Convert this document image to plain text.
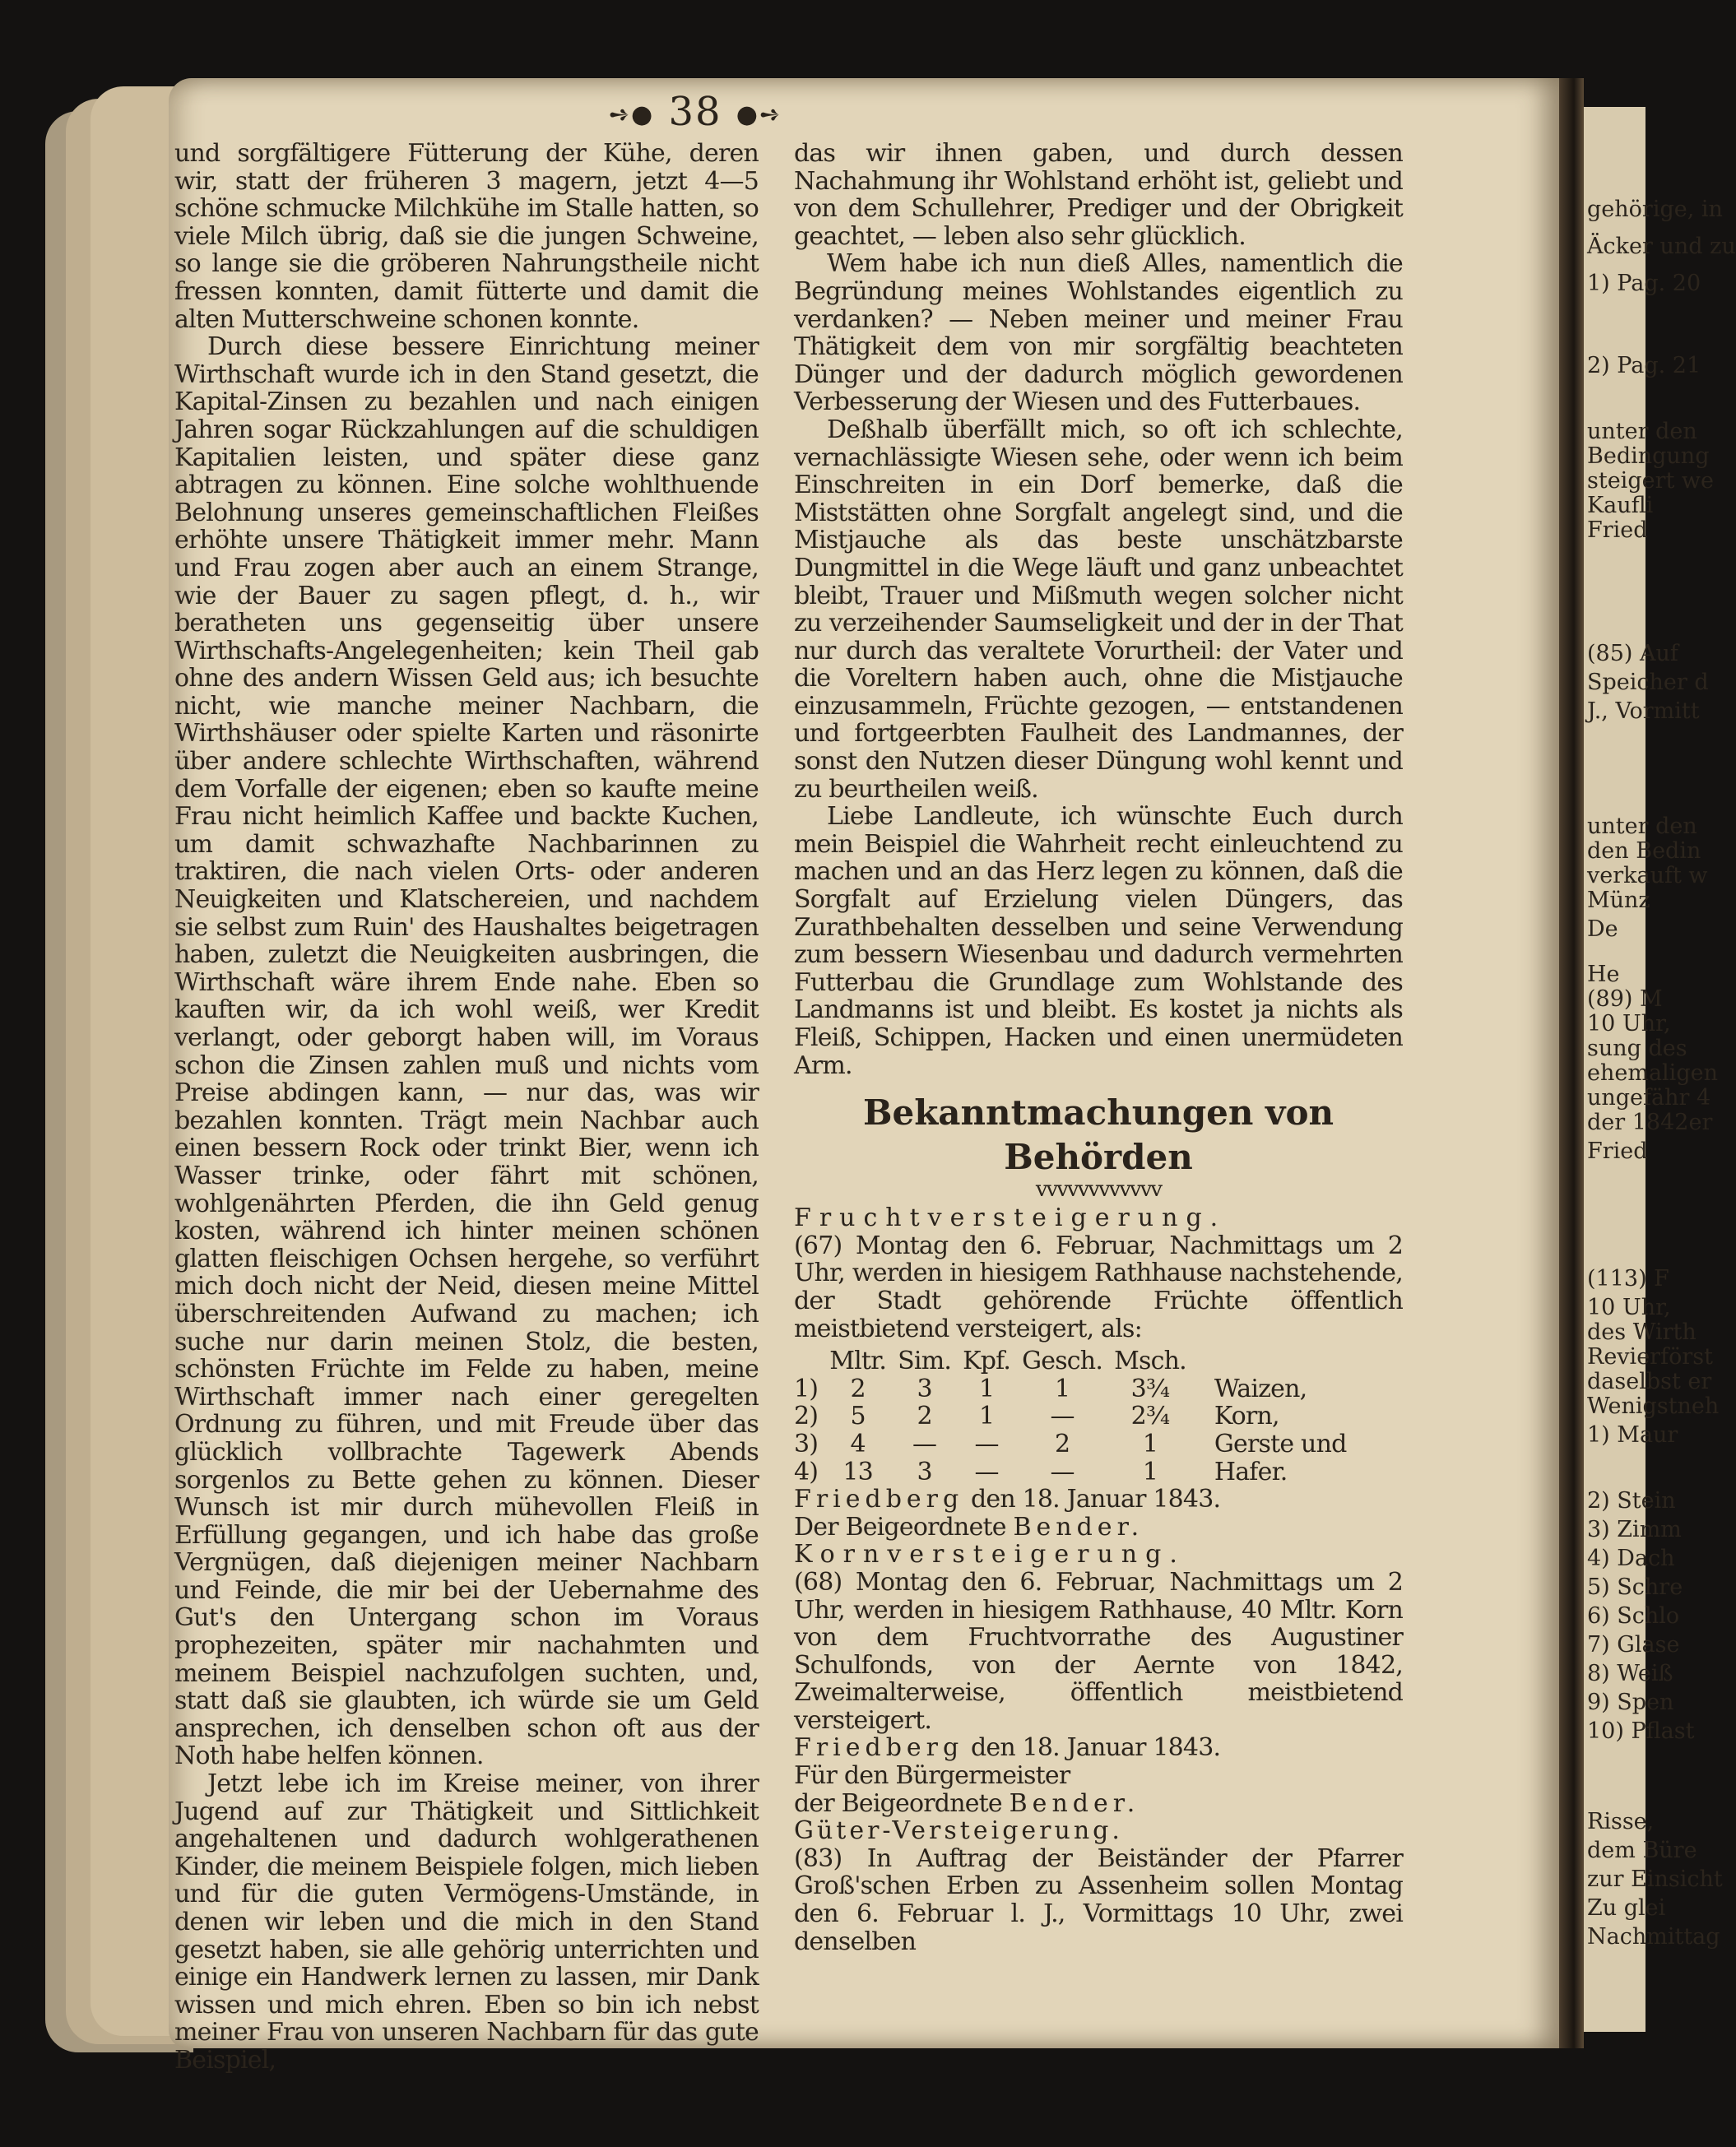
gehörige, in
Äcker und zu
1) Pag. 20
2) Pag. 21
unter den
Bedingung
steigert we
Kaufli
Fried
(85) Auf
Speicher d
J., Vormitt
unter den
den Bedin
verkauft w
Münz
De
He
(89) M
10 Uhr,
sung des
ehemaligen
ungefähr 4
der 1842er
Fried
(113) F
10 Uhr,
des Wirth
Revierförst
daselbst er
Wenigstneh
1) Maur
2) Stein
3) Zimm
4) Dach
5) Schre
6) Schlo
7) Glase
8) Weiß
9) Spen
10) Pflast
Risse,
dem Büre
zur Einsicht
Zu glei
Nachmittag
➺● 38 ●➺

und sorgfältigere Fütterung der Kühe, deren wir, statt der früheren 3 magern, jetzt 4—5 schöne schmucke Milchkühe im Stalle hatten, so viele Milch übrig, daß sie die jungen Schweine, so lange sie die gröberen Nahrungstheile nicht fressen konnten, damit fütterte und damit die alten Mutterschweine schonen konnte.

Durch diese bessere Einrichtung meiner Wirthschaft wurde ich in den Stand gesetzt, die Kapital-Zinsen zu bezahlen und nach einigen Jahren sogar Rückzahlungen auf die schuldigen Kapitalien leisten, und später diese ganz abtragen zu können. Eine solche wohlthuende Belohnung unseres gemeinschaftlichen Fleißes erhöhte unsere Thätigkeit immer mehr. Mann und Frau zogen aber auch an einem Strange, wie der Bauer zu sagen pflegt, d. h., wir beratheten uns gegenseitig über unsere Wirthschafts-Angelegenheiten; kein Theil gab ohne des andern Wissen Geld aus; ich besuchte nicht, wie manche meiner Nachbarn, die Wirthshäuser oder spielte Karten und räsonirte über andere schlechte Wirthschaften, während dem Vorfalle der eigenen; eben so kaufte meine Frau nicht heimlich Kaffee und backte Kuchen, um damit schwazhafte Nachbarinnen zu traktiren, die nach vielen Orts- oder anderen Neuigkeiten und Klatschereien, und nachdem sie selbst zum Ruin' des Haushaltes beigetragen haben, zuletzt die Neuigkeiten ausbringen, die Wirthschaft wäre ihrem Ende nahe. Eben so kauften wir, da ich wohl weiß, wer Kredit verlangt, oder geborgt haben will, im Voraus schon die Zinsen zahlen muß und nichts vom Preise abdingen kann, — nur das, was wir bezahlen konnten. Trägt mein Nachbar auch einen bessern Rock oder trinkt Bier, wenn ich Wasser trinke, oder fährt mit schönen, wohlgenährten Pferden, die ihn Geld genug kosten, während ich hinter meinen schönen glatten fleischigen Ochsen hergehe, so verführt mich doch nicht der Neid, diesen meine Mittel überschreitenden Aufwand zu machen; ich suche nur darin meinen Stolz, die besten, schönsten Früchte im Felde zu haben, meine Wirthschaft immer nach einer geregelten Ordnung zu führen, und mit Freude über das glücklich vollbrachte Tagewerk Abends sorgenlos zu Bette gehen zu können. Dieser Wunsch ist mir durch mühevollen Fleiß in Erfüllung gegangen, und ich habe das große Vergnügen, daß diejenigen meiner Nachbarn und Feinde, die mir bei der Uebernahme des Gut's den Untergang schon im Voraus prophezeiten, später mir nachahmten und meinem Beispiel nachzufolgen suchten, und, statt daß sie glaubten, ich würde sie um Geld ansprechen, ich denselben schon oft aus der Noth habe helfen können.

Jetzt lebe ich im Kreise meiner, von ihrer Jugend auf zur Thätigkeit und Sittlichkeit angehaltenen und dadurch wohlgerathenen Kinder, die meinem Beispiele folgen, mich lieben und für die guten Vermögens-Umstände, in denen wir leben und die mich in den Stand gesetzt haben, sie alle gehörig unterrichten und einige ein Handwerk lernen zu lassen, mir Dank wissen und mich ehren. Eben so bin ich nebst meiner Frau von unseren Nachbarn für das gute Beispiel,

das wir ihnen gaben, und durch dessen Nachahmung ihr Wohlstand erhöht ist, geliebt und von dem Schullehrer, Prediger und der Obrigkeit geachtet, — leben also sehr glücklich.

Wem habe ich nun dieß Alles, namentlich die Begründung meines Wohlstandes eigentlich zu verdanken? — Neben meiner und meiner Frau Thätigkeit dem von mir sorgfältig beachteten Dünger und der dadurch möglich gewordenen Verbesserung der Wiesen und des Futterbaues.

Deßhalb überfällt mich, so oft ich schlechte, vernachlässigte Wiesen sehe, oder wenn ich beim Einschreiten in ein Dorf bemerke, daß die Miststätten ohne Sorgfalt angelegt sind, und die Mistjauche als das beste unschätzbarste Dungmittel in die Wege läuft und ganz unbeachtet bleibt, Trauer und Mißmuth wegen solcher nicht zu verzeihender Saumseligkeit und der in der That nur durch das veraltete Vorurtheil: der Vater und die Voreltern haben auch, ohne die Mistjauche einzusammeln, Früchte gezogen, — entstandenen und fortgeerbten Faulheit des Landmannes, der sonst den Nutzen dieser Düngung wohl kennt und zu beurtheilen weiß.

Liebe Landleute, ich wünschte Euch durch mein Beispiel die Wahrheit recht einleuchtend zu machen und an das Herz legen zu können, daß die Sorgfalt auf Erzielung vielen Düngers, das Zurathbehalten desselben und seine Verwendung zum bessern Wiesenbau und dadurch vermehrten Futterbau die Grundlage zum Wohlstande des Landmanns ist und bleibt. Es kostet ja nichts als Fleiß, Schippen, Hacken und einen unermüdeten Arm.

Bekanntmachungen von Behörden
vvvvvvvvvvvv

Fruchtversteigerung.

(67) Montag den 6. Februar, Nachmittags um 2 Uhr, werden in hiesigem Rathhause nachstehende, der Stadt gehörende Früchte öffentlich meistbietend versteigert, als:

	Mltr.	Sim.	Kpf.	Gesch.	Msch.	
1)	2	3	1	1	3¾	Waizen,
2)	5	2	1	—	2¾	Korn,
3)	4	—	—	2	1	Gerste und
4)	13	3	—	—	1	Hafer.

Friedberg den 18. Januar 1843.

Der Beigeordnete Bender.

Kornversteigerung.

(68) Montag den 6. Februar, Nachmittags um 2 Uhr, werden in hiesigem Rathhause, 40 Mltr. Korn von dem Fruchtvorrathe des Augustiner Schulfonds, von der Aernte von 1842, Zweimalterweise, öffentlich meistbietend versteigert.

Friedberg den 18. Januar 1843.

Für den Bürgermeister

der Beigeordnete Bender.

Güter-Versteigerung.

(83) In Auftrag der Beiständer der Pfarrer Groß'schen Erben zu Assenheim sollen Montag den 6. Februar l. J., Vormittags 10 Uhr, zwei denselben
